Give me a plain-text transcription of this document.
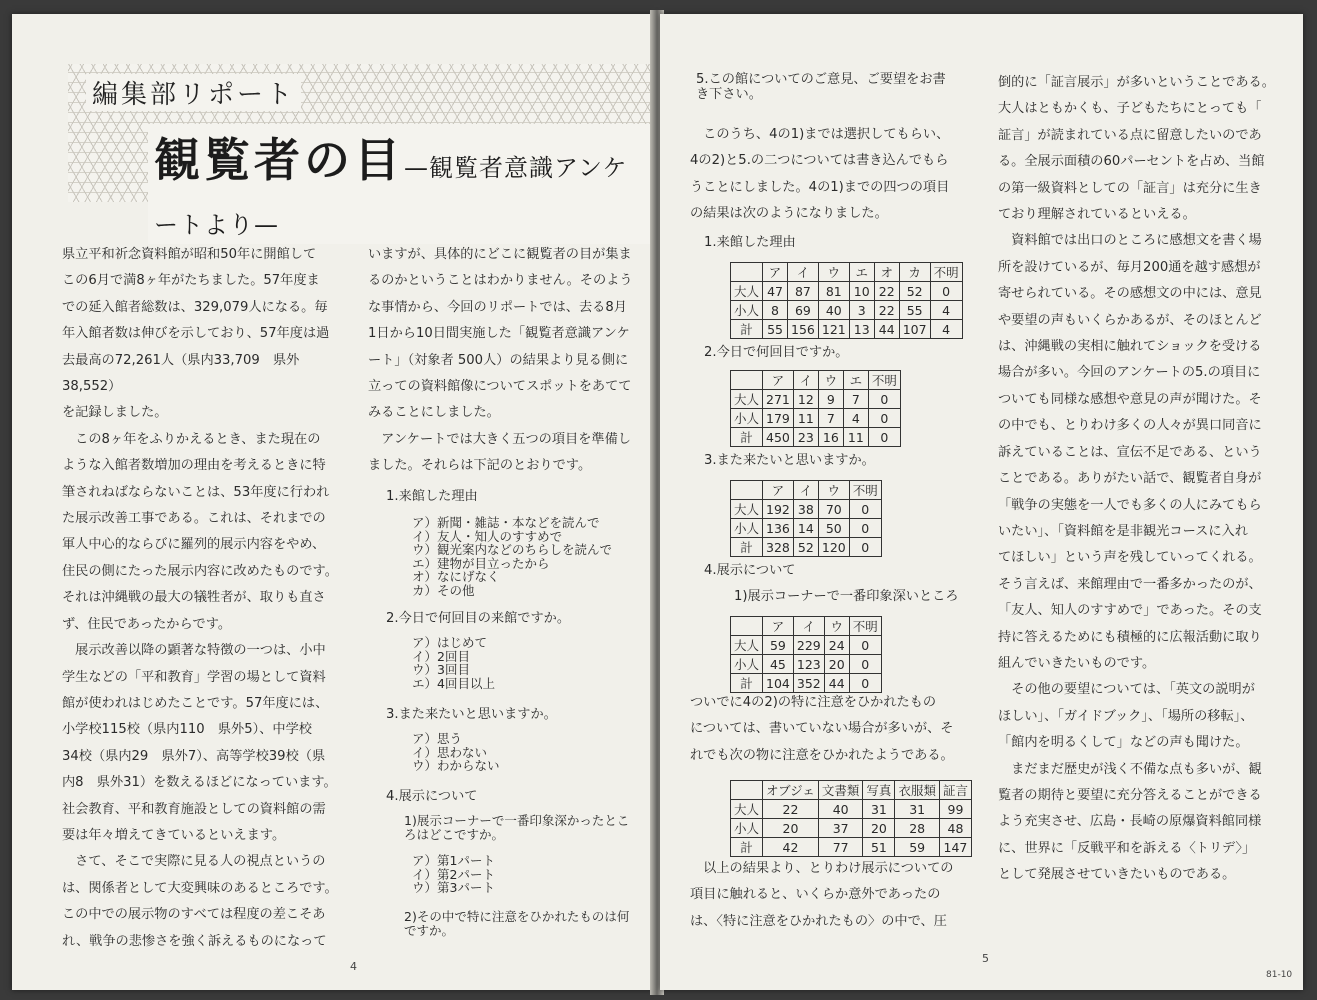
編集部リポート
観覧者の目—観覧者意識アンケートより—
県立平和祈念資料館が昭和50年に開館して
この6月で満8ヶ年がたちました。57年度ま
での延入館者総数は、329,079人になる。毎
年入館者数は伸びを示しており、57年度は過
去最高の72,261人（県内33,709　県外38,552）
を記録しました。
　この8ヶ年をふりかえるとき、また現在の
ような入館者数増加の理由を考えるときに特
筆されねばならないことは、53年度に行われ
た展示改善工事である。これは、それまでの
軍人中心的ならびに羅列的展示内容をやめ、
住民の側にたった展示内容に改めたものです。
それは沖縄戦の最大の犠牲者が、取りも直さ
ず、住民であったからです。
　展示改善以降の顕著な特徴の一つは、小中
学生などの「平和教育」学習の場として資料
館が使われはじめたことです。57年度には、
小学校115校（県内110　県外5）、中学校
34校（県内29　県外7）、高等学校39校（県
内8　県外31）を数えるほどになっています。
社会教育、平和教育施設としての資料館の需
要は年々増えてきているといえます。
　さて、そこで実際に見る人の視点というの
は、関係者として大変興味のあるところです。
この中での展示物のすべては程度の差こそあ
れ、戦争の悲惨さを強く訴えるものになって
いますが、具体的にどこに観覧者の目が集ま
るのかということはわかりません。そのよう
な事情から、今回のリポートでは、去る8月
1日から10日間実施した「観覧者意識アンケ
ート」（対象者 500人）の結果より見る側に
立っての資料館像についてスポットをあてて
みることにしました。
　アンケートでは大きく五つの項目を準備し
ました。それらは下記のとおりです。
1.来館した理由
ア）新聞・雑誌・本などを読んで
イ）友人・知人のすすめで
ウ）観光案内などのちらしを読んで
エ）建物が目立ったから
オ）なにげなく
カ）その他
2.今日で何回目の来館ですか。
ア）はじめて
イ）2回目
ウ）3回目
エ）4回目以上
3.また来たいと思いますか。
ア）思う
イ）思わない
ウ）わからない
4.展示について
1)展示コーナーで一番印象深かったとこ
ろはどこですか。
ア）第1パート
イ）第2パート
ウ）第3パート
2)その中で特に注意をひかれたものは何
ですか。
4
5.この館についてのご意見、ご要望をお書
き下さい。
　このうち、4の1)までは選択してもらい、
4の2)と5.の二つについては書き込んでもら
うことにしました。4の1)までの四つの項目
の結果は次のようになりました。
1.来館した理由
	ア	イ	ウ	エ	オ	カ	不明
大人	47	87	81	10	22	52	0
小人	8	69	40	3	22	55	4
計	55	156	121	13	44	107	4
2.今日で何回目ですか。
	ア	イ	ウ	エ	不明
大人	271	12	9	7	0
小人	179	11	7	4	0
計	450	23	16	11	0
3.また来たいと思いますか。
	ア	イ	ウ	不明
大人	192	38	70	0
小人	136	14	50	0
計	328	52	120	0
4.展示について
1)展示コーナーで一番印象深いところ
	ア	イ	ウ	不明
大人	59	229	24	0
小人	45	123	20	0
計	104	352	44	0
ついでに4の2)の特に注意をひかれたもの
については、書いていない場合が多いが、そ
れでも次の物に注意をひかれたようである。
	オブジェ	文書類	写真	衣服類	証言
大人	22	40	31	31	99
小人	20	37	20	28	48
計	42	77	51	59	147
　以上の結果より、とりわけ展示についての
項目に触れると、いくらか意外であったの
は、〈特に注意をひかれたもの〉の中で、圧
倒的に「証言展示」が多いということである。
大人はともかくも、子どもたちにとっても「
証言」が読まれている点に留意したいのであ
る。全展示面積の60パーセントを占め、当館
の第一級資料としての「証言」は充分に生き
ており理解されているといえる。
　資料館では出口のところに感想文を書く場
所を設けているが、毎月200通を越す感想が
寄せられている。その感想文の中には、意見
や要望の声もいくらかあるが、そのほとんど
は、沖縄戦の実相に触れてショックを受ける
場合が多い。今回のアンケートの5.の項目に
ついても同様な感想や意見の声が聞けた。そ
の中でも、とりわけ多くの人々が異口同音に
訴えていることは、宣伝不足である、という
ことである。ありがたい話で、観覧者自身が
「戦争の実態を一人でも多くの人にみてもら
いたい」、「資料館を是非観光コースに入れ
てほしい」という声を残していってくれる。
そう言えば、来館理由で一番多かったのが、
「友人、知人のすすめで」であった。その支
持に答えるためにも積極的に広報活動に取り
組んでいきたいものです。
　その他の要望については、「英文の説明が
ほしい」、「ガイドブック」、「場所の移転」、
「館内を明るくして」などの声も聞けた。
　まだまだ歴史が浅く不備な点も多いが、観
覧者の期待と要望に充分答えることができる
よう充実させ、広島・長崎の原爆資料館同様
に、世界に「反戦平和を訴える〈トリデ〉」
として発展させていきたいものである。
5
81-10
